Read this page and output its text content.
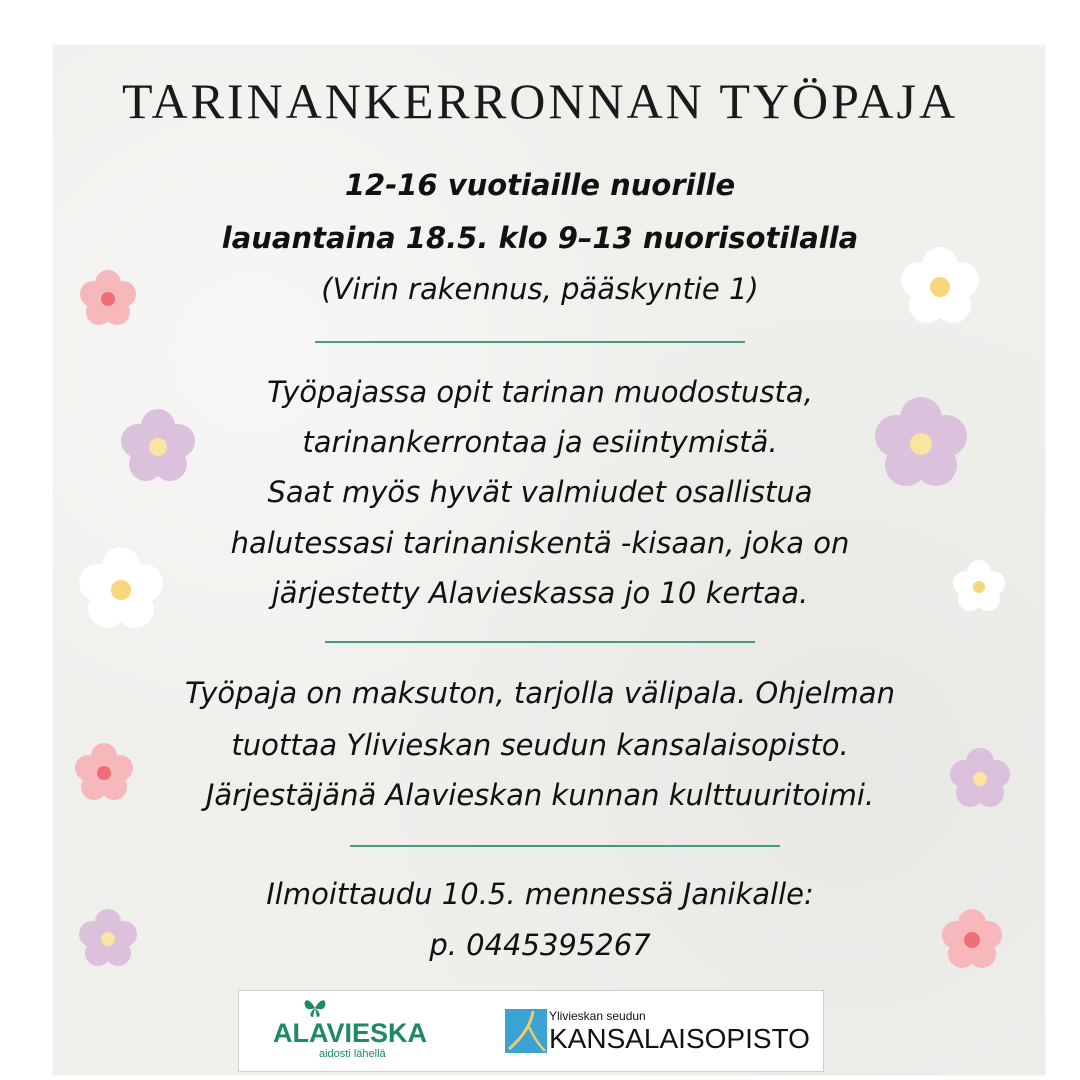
TARINANKERRONNAN TYÖPAJA
12-16 vuotiaille nuorille
lauantaina 18.5. klo 9–13 nuorisotilalla
(Virin rakennus, pääskyntie 1)
Työpajassa opit tarinan muodostusta,
tarinankerrontaa ja esiintymistä.
Saat myös hyvät valmiudet osallistua
halutessasi tarinaniskentä -kisaan, joka on
järjestetty Alavieskassa jo 10 kertaa.
Työpaja on maksuton, tarjolla välipala. Ohjelman
tuottaa Ylivieskan seudun kansalaisopisto.
Järjestäjänä Alavieskan kunnan kulttuuritoimi.
Ilmoittaudu 10.5. mennessä Janikalle:
p. 0445395267
ALAVIESKA
aidosti lähellä
Ylivieskan seudun
KANSALAISOPISTO
